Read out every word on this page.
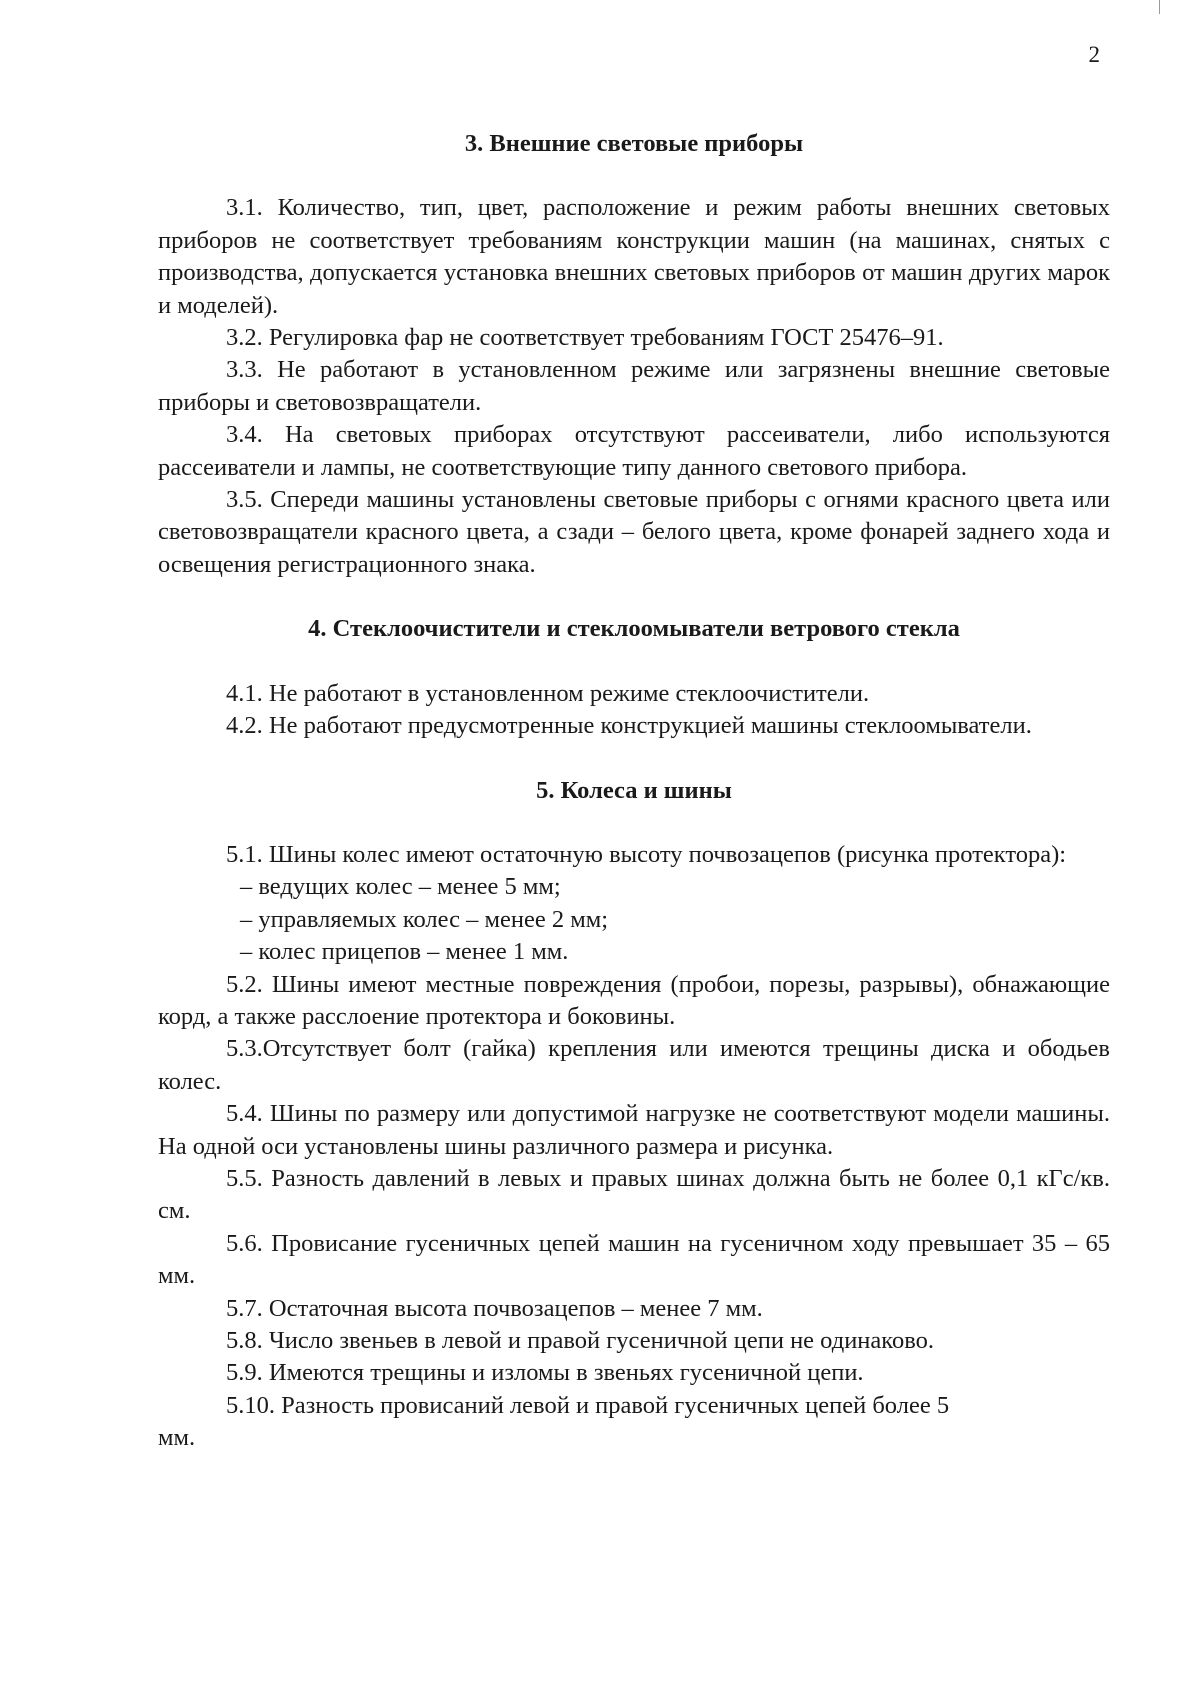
2

3. Внешние световые приборы

3.1. Количество, тип, цвет, расположение и режим работы внешних световых приборов не соответствует требованиям конструкции машин (на машинах, снятых с производства, допускается установка внешних световых приборов от машин других марок и моделей).

3.2. Регулировка фар не соответствует требованиям ГОСТ 25476–91.

3.3. Не работают в установленном режиме или загрязнены внешние световые приборы и световозвращатели.

3.4. На световых приборах отсутствуют рассеиватели, либо используются рассеиватели и лампы, не соответствующие типу данного светового прибора.

3.5. Спереди машины установлены световые приборы с огнями красного цвета или световозвращатели красного цвета, а сзади – белого цвета, кроме фонарей заднего хода и освещения регистрационного знака.

4. Стеклоочистители и стеклоомыватели ветрового стекла

4.1. Не работают в установленном режиме стеклоочистители.

4.2. Не работают предусмотренные конструкцией машины стеклоомыватели.

5. Колеса и шины

5.1. Шины колес имеют остаточную высоту почвозацепов (рисунка протектора):

– ведущих колес – менее 5 мм;

– управляемых колес – менее 2 мм;

– колес прицепов – менее 1 мм.

5.2. Шины имеют местные повреждения (пробои, порезы, разрывы), обнажающие корд, а также расслоение протектора и боковины.

5.3.Отсутствует болт (гайка) крепления или имеются трещины диска и ободьев колес.

5.4. Шины по размеру или допустимой нагрузке не соответствуют модели машины. На одной оси установлены шины различного размера и рисунка.

5.5. Разность давлений в левых и правых шинах должна быть не более 0,1 кГс/кв. см.

5.6. Провисание гусеничных цепей машин на гусеничном ходу превышает 35 – 65 мм.

5.7. Остаточная высота почвозацепов – менее 7 мм.

5.8. Число звеньев в левой и правой гусеничной цепи не одинаково.

5.9. Имеются трещины и изломы в звеньях гусеничной цепи.

5.10. Разность провисаний левой и правой гусеничных цепей более 5

мм.
